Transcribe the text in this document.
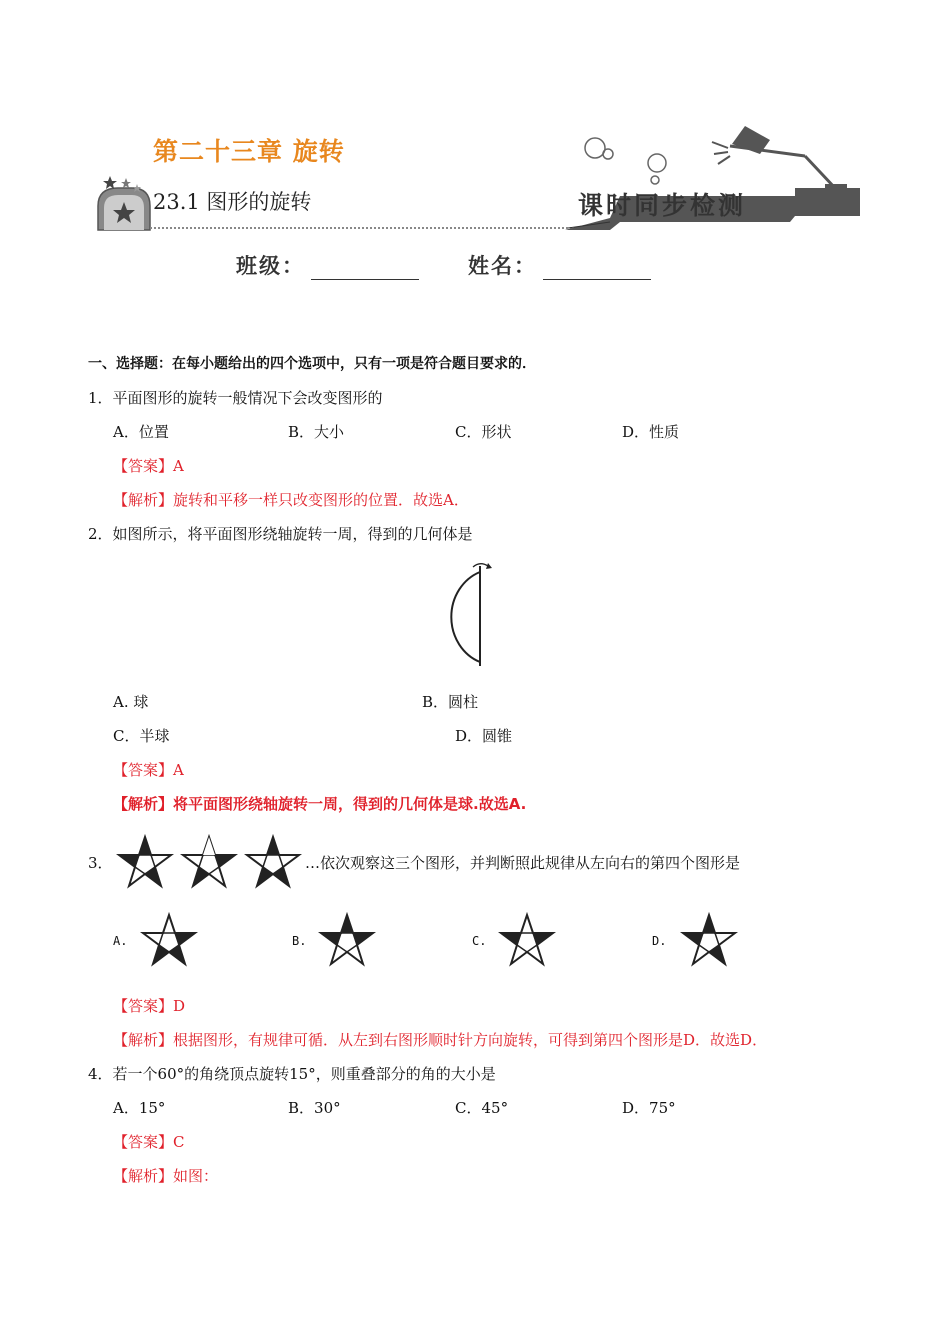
第二十三章 旋转
23.1 图形的旋转	课时同步检测
班级：	姓名：
一、选择题：在每小题给出的四个选项中，只有一项是符合题目要求的．
1．平面图形的旋转一般情况下会改变图形的
A．位置	B．大小	C．形状	D．性质
【答案】A
【解析】旋转和平移一样只改变图形的位置．故选A．
2．如图所示，将平面图形绕轴旋转一周，得到的几何体是
A. 球	B．圆柱
C．半球	D．圆锥
【答案】A
【解析】将平面图形绕轴旋转一周，得到的几何体是球.故选A.
3．	…依次观察这三个图形，并判断照此规律从左向右的第四个图形是
A.	B.	C.	D.
【答案】D
【解析】根据图形，有规律可循．从左到右图形顺时针方向旋转，可得到第四个图形是D．故选D．
4．若一个60°的角绕顶点旋转15°，则重叠部分的角的大小是
A．15°	B．30°	C．45°	D．75°
【答案】C
【解析】如图：
